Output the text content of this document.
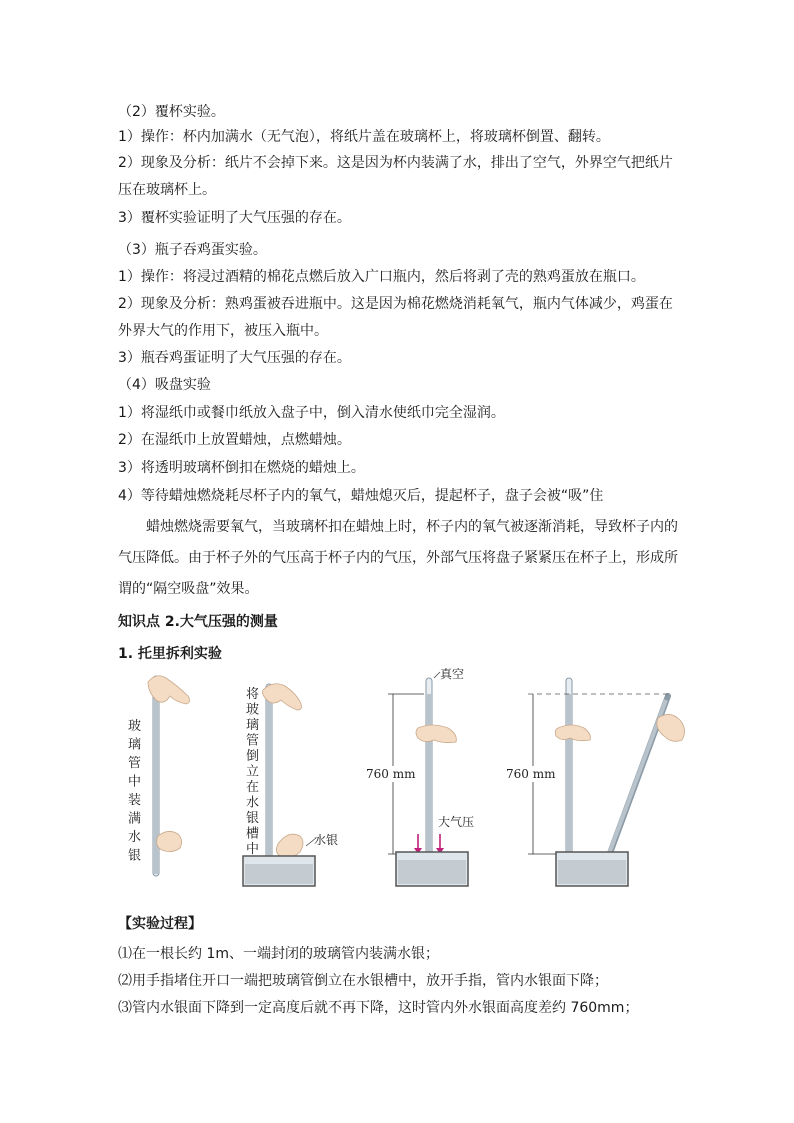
（2）覆杯实验。
1）操作：杯内加满水（无气泡），将纸片盖在玻璃杯上，将玻璃杯倒置、翻转。
2）现象及分析：纸片不会掉下来。这是因为杯内装满了水，排出了空气，外界空气把纸片
压在玻璃杯上。
3）覆杯实验证明了大气压强的存在。
（3）瓶子吞鸡蛋实验。
1）操作：将浸过酒精的棉花点燃后放入广口瓶内，然后将剥了壳的熟鸡蛋放在瓶口。
2）现象及分析：熟鸡蛋被吞进瓶中。这是因为棉花燃烧消耗氧气，瓶内气体减少，鸡蛋在
外界大气的作用下，被压入瓶中。
3）瓶吞鸡蛋证明了大气压强的存在。
（4）吸盘实验
1）将湿纸巾或餐巾纸放入盘子中，倒入清水使纸巾完全湿润。
2）在湿纸巾上放置蜡烛，点燃蜡烛。
3）将透明玻璃杯倒扣在燃烧的蜡烛上。
4）等待蜡烛燃烧耗尽杯子内的氧气，蜡烛熄灭后，提起杯子，盘子会被“吸”住
蜡烛燃烧需要氧气，当玻璃杯扣在蜡烛上时，杯子内的氧气被逐渐消耗，导致杯子内的
气压降低。由于杯子外的气压高于杯子内的气压，外部气压将盘子紧紧压在杯子上，形成所
谓的“隔空吸盘”效果。
知识点 2.大气压强的测量
1. 托里拆利实验
玻
璃
管
中
装
满
水
银
水银
将
玻
璃
管
倒
立
在
水
银
槽
中
真空
760 mm
大气压
760 mm
【实验过程】
⑴在一根长约 1m、一端封闭的玻璃管内装满水银；
⑵用手指堵住开口一端把玻璃管倒立在水银槽中，放开手指，管内水银面下降；
⑶管内水银面下降到一定高度后就不再下降，这时管内外水银面高度差约 760mm；
